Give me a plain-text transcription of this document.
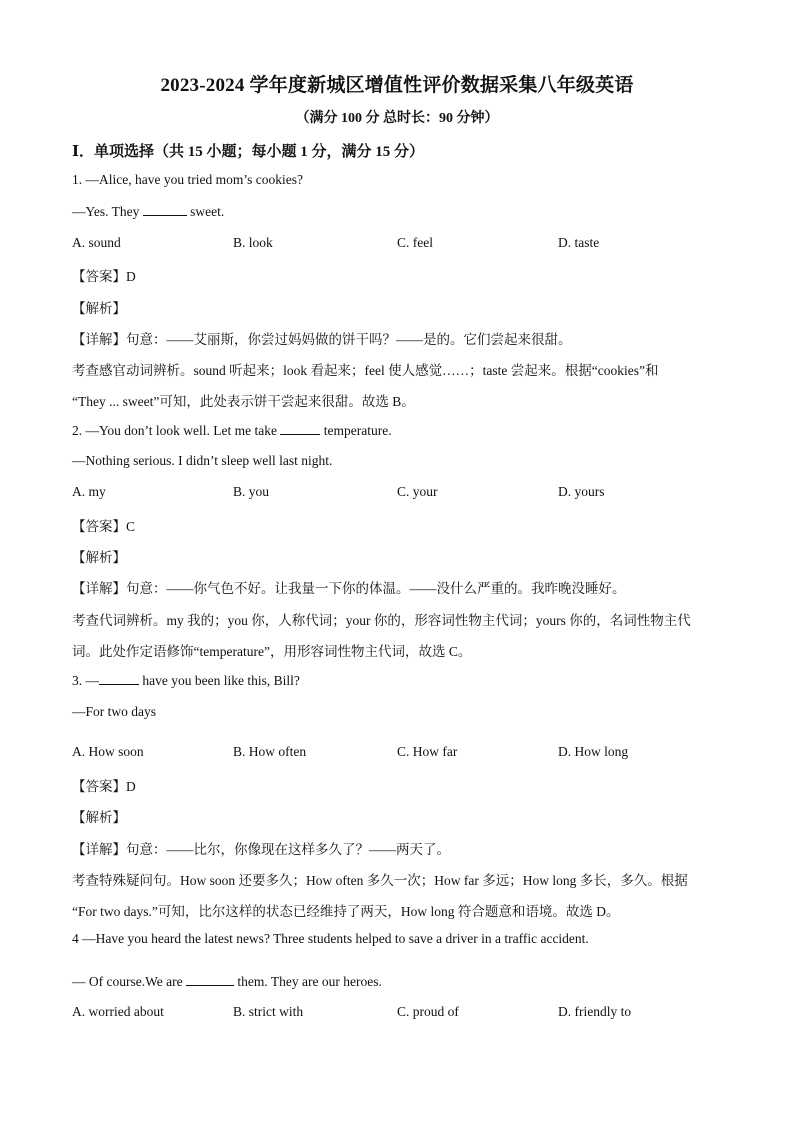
2023-2024 学年度新城区增值性评价数据采集八年级英语
（满分 100 分 总时长：90 分钟）
Ⅰ．单项选择（共 15 小题；每小题 1 分，满分 15 分）
1. —Alice, have you tried mom’s cookies?
—Yes. They	sweet.
A. sound	B. look	C. feel	D. taste
【答案】D
【解析】
【详解】句意：——艾丽斯，你尝过妈妈做的饼干吗？——是的。它们尝起来很甜。
考查感官动词辨析。sound 听起来；look 看起来；feel 使人感觉……；taste 尝起来。根据“cookies”和
“They ... sweet”可知，此处表示饼干尝起来很甜。故选 B。
2. —You don’t look well. Let me take	temperature.
—Nothing serious. I didn’t sleep well last night.
A. my	B. you	C. your	D. yours
【答案】C
【解析】
【详解】句意：——你气色不好。让我量一下你的体温。——没什么严重的。我昨晚没睡好。
考查代词辨析。my 我的；you 你，人称代词；your 你的，形容词性物主代词；yours 你的，名词性物主代
词。此处作定语修饰“temperature”，用形容词性物主代词，故选 C。
3. —	have you been like this, Bill?
—For two days
A. How soon	B. How often	C. How far	D. How long
【答案】D
【解析】
【详解】句意：——比尔，你像现在这样多久了？——两天了。
考查特殊疑问句。How soon 还要多久；How often 多久一次；How far 多远；How long 多长，多久。根据
“For two days.”可知，比尔这样的状态已经维持了两天，How long 符合题意和语境。故选 D。
4 —Have you heard the latest news? Three students helped to save a driver in a traffic accident.
— Of course.We are	them. They are our heroes.
A. worried about	B. strict with	C. proud of	D. friendly to
